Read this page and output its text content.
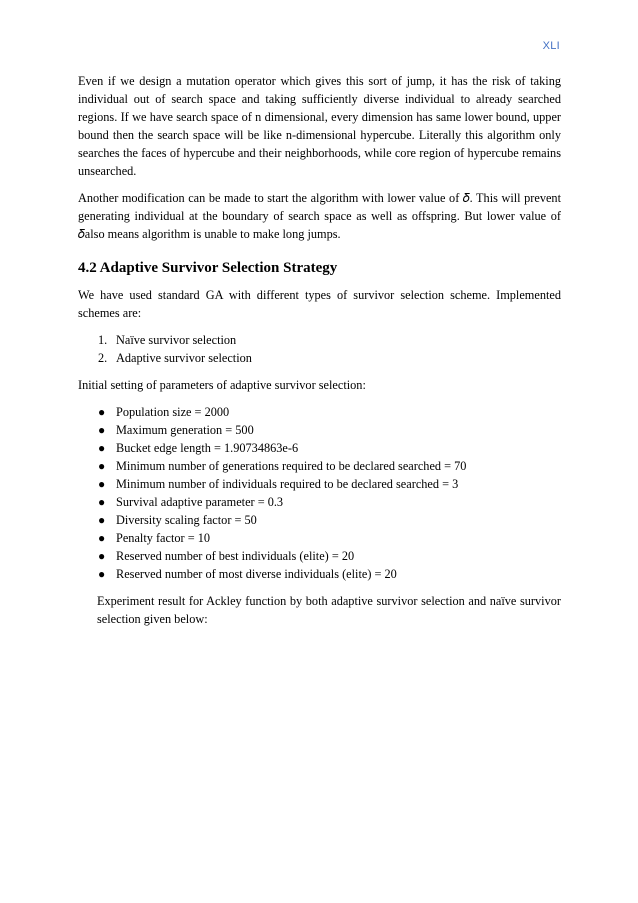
XLI

Even if we design a mutation operator which gives this sort of jump, it has the risk of taking individual out of search space and taking sufficiently diverse individual to already searched regions. If we have search space of n dimensional, every dimension has same lower bound, upper bound then the search space will be like n-dimensional hypercube. Literally this algorithm only searches the faces of hypercube and their neighborhoods, while core region of hypercube remains unsearched.

Another modification can be made to start the algorithm with lower value of 𝛿. This will prevent generating individual at the boundary of search space as well as offspring. But lower value of 𝛿also means algorithm is unable to make long jumps.

4.2 Adaptive Survivor Selection Strategy

We have used standard GA with different types of survivor selection scheme. Implemented schemes are:

1. Naïve survivor selection
2. Adaptive survivor selection

Initial setting of parameters of adaptive survivor selection:

● Population size = 2000
● Maximum generation = 500
● Bucket edge length = 1.90734863e-6
● Minimum number of generations required to be declared searched = 70
● Minimum number of individuals required to be declared searched = 3
● Survival adaptive parameter = 0.3
● Diversity scaling factor = 50
● Penalty factor = 10
● Reserved number of best individuals (elite) = 20
● Reserved number of most diverse individuals (elite) = 20

Experiment result for Ackley function by both adaptive survivor selection and naïve survivor selection given below:
